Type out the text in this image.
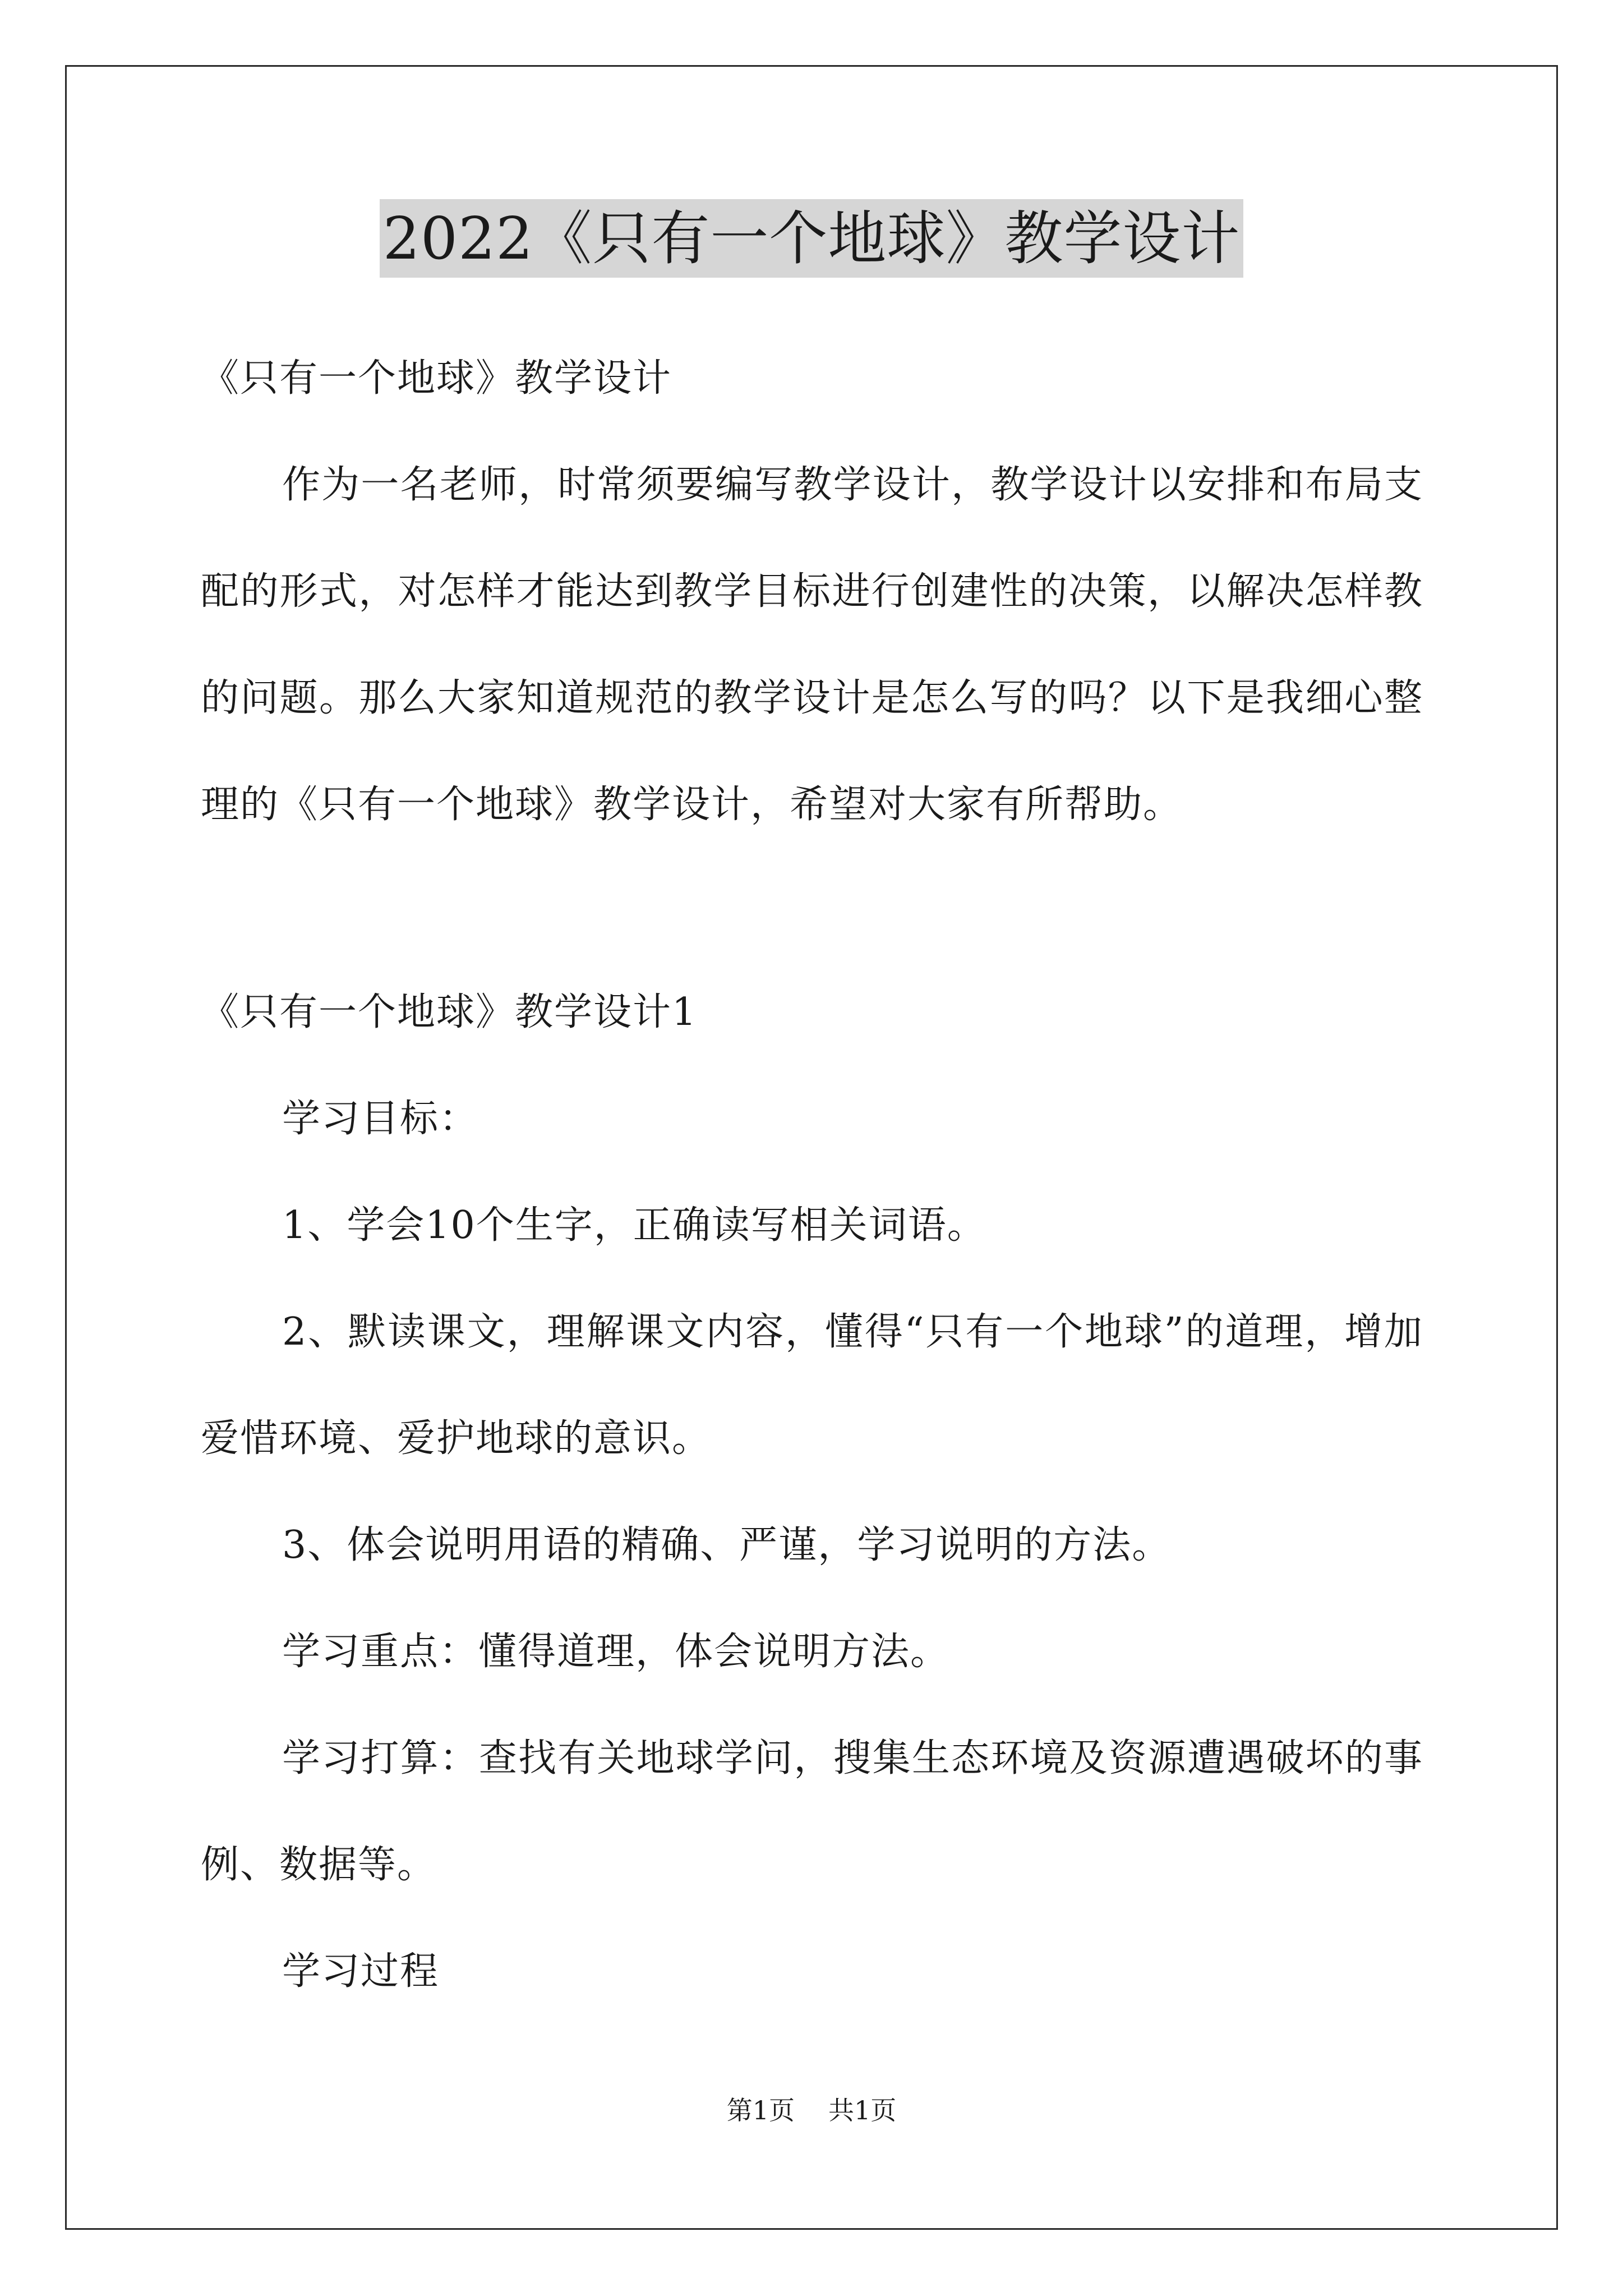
2022《只有一个地球》教学设计

《只有一个地球》教学设计

作为一名老师，时常须要编写教学设计，教学设计以安排和布局支配的形式，对怎样才能达到教学目标进行创建性的决策，以解决怎样教的问题。那么大家知道规范的教学设计是怎么写的吗？以下是我细心整理的《只有一个地球》教学设计，希望对大家有所帮助。

《只有一个地球》教学设计1

学习目标：

1、学会10个生字，正确读写相关词语。

2、默读课文，理解课文内容，懂得“只有一个地球”的道理，增加爱惜环境、爱护地球的意识。

3、体会说明用语的精确、严谨，学习说明的方法。

学习重点：懂得道理，体会说明方法。

学习打算：查找有关地球学问，搜集生态环境及资源遭遇破坏的事例、数据等。

学习过程

第1页 共1页
